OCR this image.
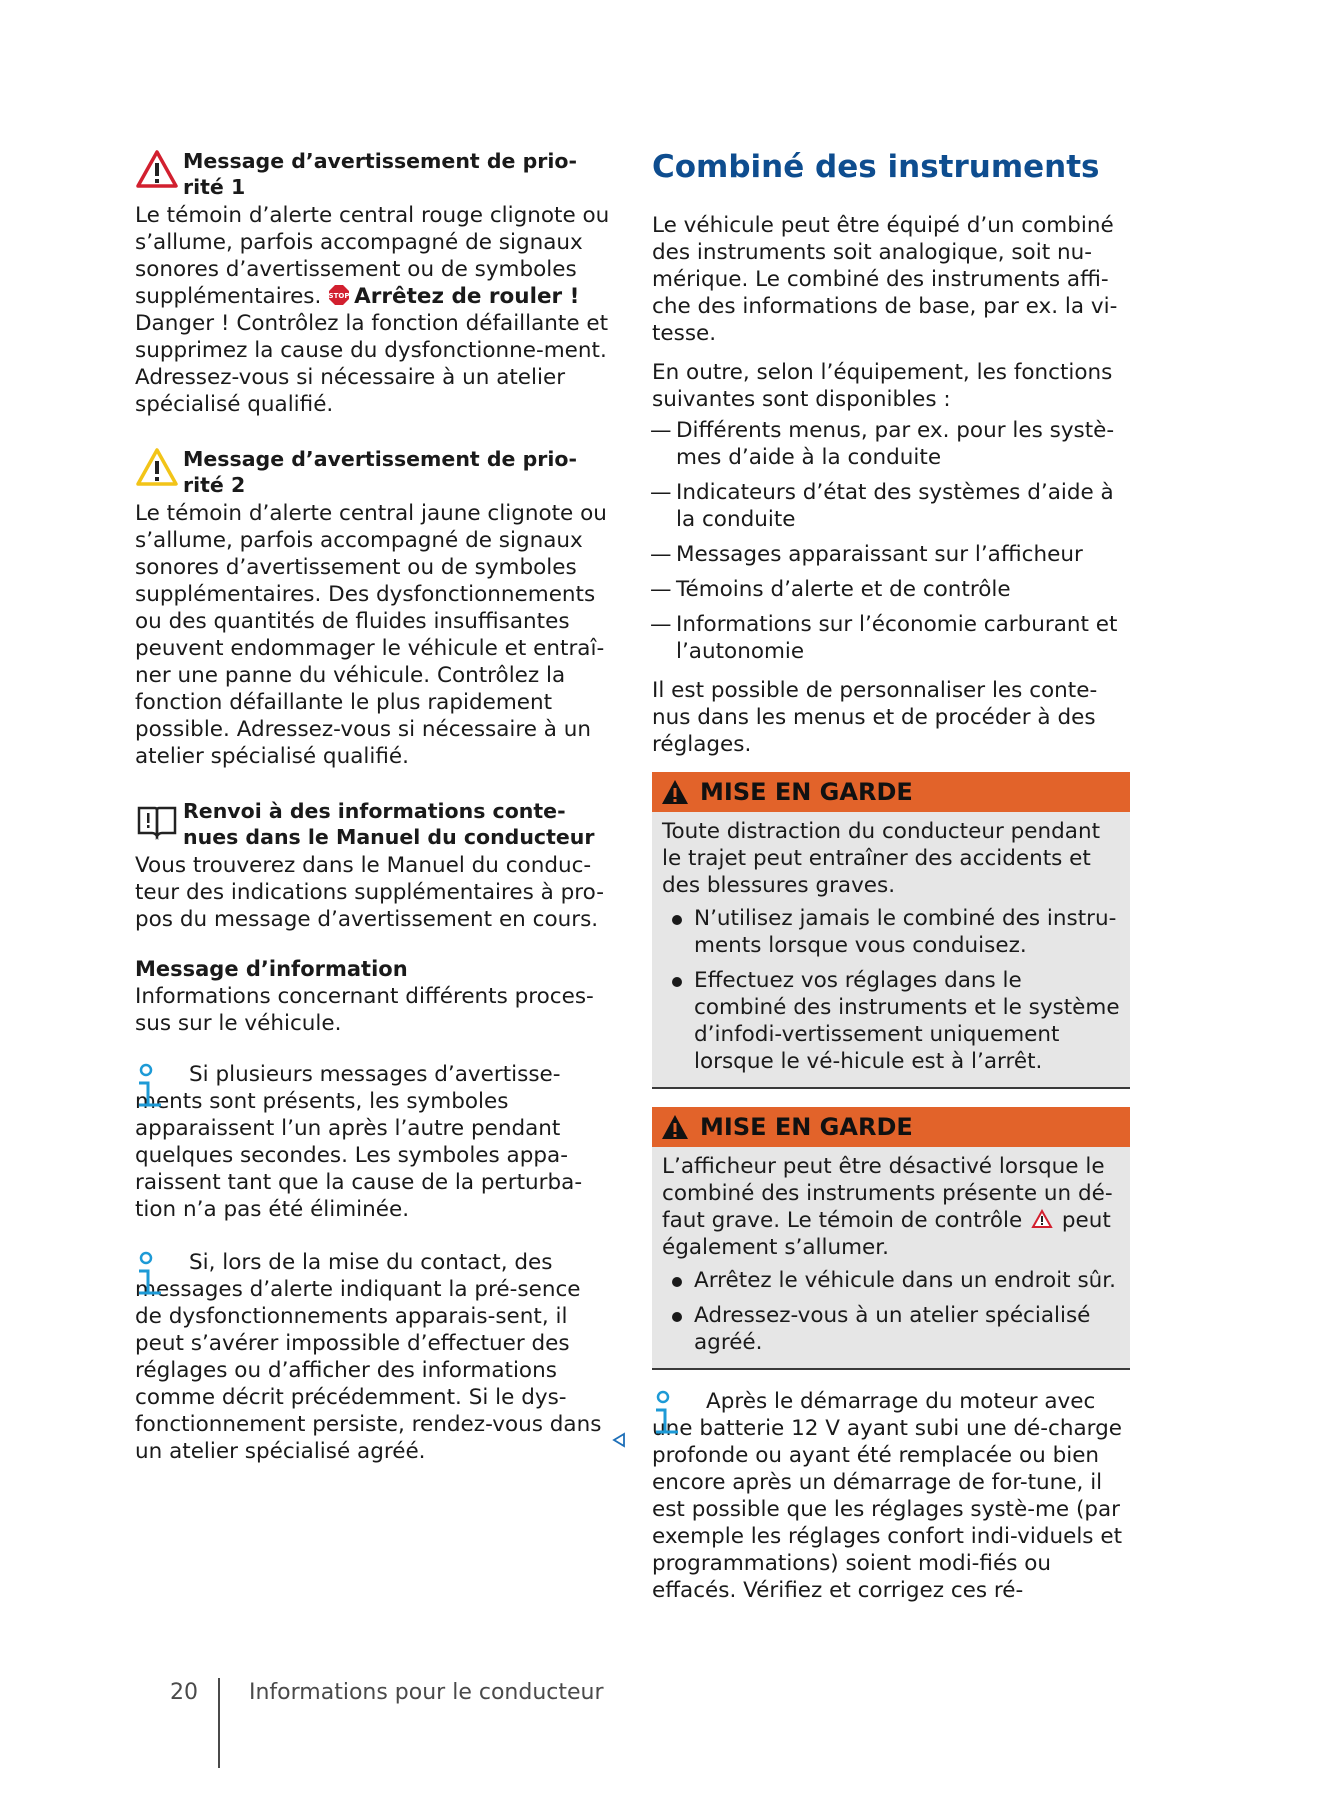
Message d’avertissement de prio-rité 1

Le témoin d’alerte central rouge clignote ou s’allume, parfois accompagné de signaux sonores d’avertissement ou de symboles supplémentaires. STOP Arrêtez de rouler ! Danger ! Contrôlez la fonction défaillante et supprimez la cause du dysfonctionne-ment. Adressez-vous si nécessaire à un atelier spécialisé qualifié.

Message d’avertissement de prio-rité 2

Le témoin d’alerte central jaune clignote ou s’allume, parfois accompagné de signaux sonores d’avertissement ou de symboles supplémentaires. Des dysfonctionnements ou des quantités de fluides insuffisantes peuvent endommager le véhicule et entraî-ner une panne du véhicule. Contrôlez la fonction défaillante le plus rapidement possible. Adressez-vous si nécessaire à un atelier spécialisé qualifié.

Renvoi à des informations conte-nues dans le Manuel du conducteur

Vous trouverez dans le Manuel du conduc-teur des indications supplémentaires à pro-pos du message d’avertissement en cours.

Message d’information

Informations concernant différents proces-sus sur le véhicule.

Si plusieurs messages d’avertisse-ments sont présents, les symboles apparaissent l’un après l’autre pendant quelques secondes. Les symboles appa-raissent tant que la cause de la perturba-tion n’a pas été éliminée.
Si, lors de la mise du contact, des messages d’alerte indiquant la pré-sence de dysfonctionnements apparais-sent, il peut s’avérer impossible d’effectuer des réglages ou d’afficher des informations comme décrit précédemment. Si le dys-fonctionnement persiste, rendez-vous dans un atelier spécialisé agréé.
Combiné des instruments

Le véhicule peut être équipé d’un combiné des instruments soit analogique, soit nu-mérique. Le combiné des instruments affi-che des informations de base, par ex. la vi-tesse.

En outre, selon l’équipement, les fonctions suivantes sont disponibles :

— Différents menus, par ex. pour les systè-mes d’aide à la conduite
— Indicateurs d’état des systèmes d’aide à la conduite
— Messages apparaissant sur l’afficheur
— Témoins d’alerte et de contrôle
— Informations sur l’économie carburant et l’autonomie

Il est possible de personnaliser les conte-nus dans les menus et de procéder à des réglages.

MISE EN GARDE

Toute distraction du conducteur pendant le trajet peut entraîner des accidents et des blessures graves.

N’utilisez jamais le combiné des instru-ments lorsque vous conduisez.
Effectuez vos réglages dans le combiné des instruments et le système d’infodi-vertissement uniquement lorsque le vé-hicule est à l’arrêt.
MISE EN GARDE

L’afficheur peut être désactivé lorsque le combiné des instruments présente un dé-faut grave. Le témoin de contrôle  peut également s’allumer.

Arrêtez le véhicule dans un endroit sûr.
Adressez-vous à un atelier spécialisé agréé.
Après le démarrage du moteur avec une batterie 12 V ayant subi une dé-charge profonde ou ayant été remplacée ou bien encore après un démarrage de for-tune, il est possible que les réglages systè-me (par exemple les réglages confort indi-viduels et programmations) soient modi-fiés ou effacés. Vérifiez et corrigez ces ré-
20 Informations pour le conducteur
